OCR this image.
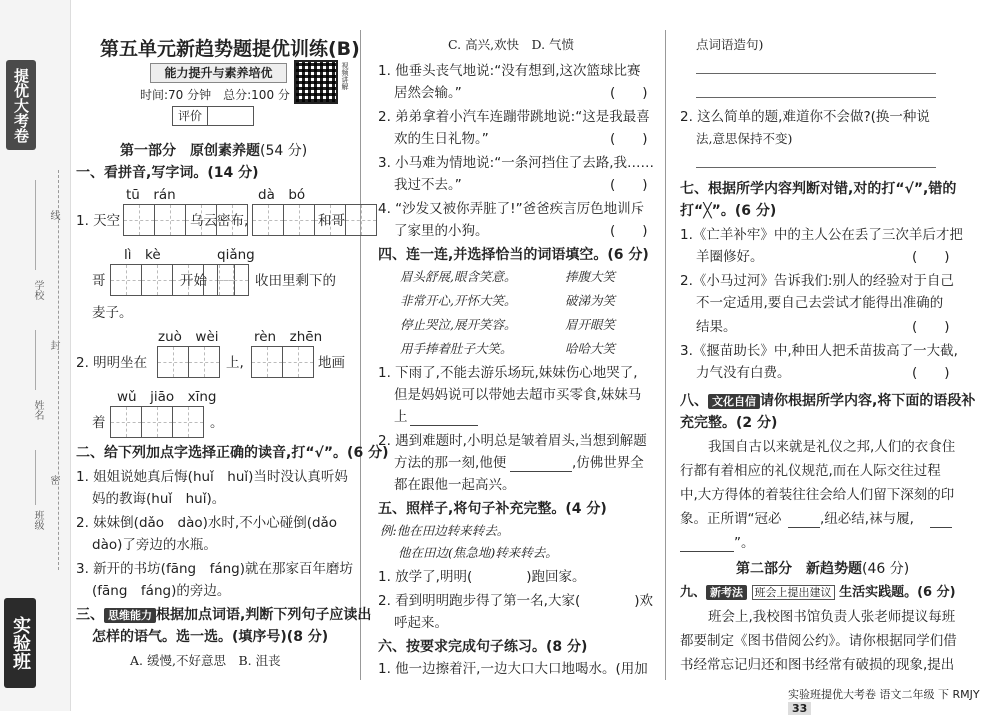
提优大考卷
线
学校
封
姓名
密
班级
实验班
第五单元新趋势题提优训练(B)
能力提升与素养培优	视频讲解
时间:70 分钟　总分:100 分
评价
第一部分　原创素养题(54 分)
一、看拼音,写字词。(14 分)
tū　rán	dà　bó
1. 天空	乌云密布,	和哥
lì　kè	qiǎng
哥	开始	收田里剩下的
麦子。
zuò　wèi	rèn　zhēn
2. 明明坐在	上,	地画
wǔ　jiāo　xīng
着	。
二、给下列加点字选择正确的读音,打“√”。(6 分)
1. 姐姐说她真后悔(huǐ　huǐ)当时没认真听妈
妈的教诲(huǐ　huǐ)。
2. 妹妹倒(dǎo　dào)水时,不小心碰倒(dǎo
dào)了旁边的水瓶。
3. 新开的书坊(fāng　fáng)就在那家百年磨坊
(fāng　fáng)的旁边。
三、 思维能力 根据加点词语,判断下列句子应读出
怎样的语气。选一选。(填序号)(8 分)
A. 缓慢,不好意思　B. 沮丧
C. 高兴,欢快　D. 气愤
1. 他垂头丧气地说:“没有想到,这次篮球比赛
居然会输。”	(　　)
2. 弟弟拿着小汽车连蹦带跳地说:“这是我最喜
欢的生日礼物。”	(　　)
3. 小马难为情地说:“一条河挡住了去路,我……
我过不去。”	(　　)
4. “沙发又被你弄脏了!”爸爸疾言厉色地训斥
了家里的小狗。	(　　)
四、连一连,并选择恰当的词语填空。(6 分)
眉头舒展,眼含笑意。
非常开心,开怀大笑。
停止哭泣,展开笑容。
用手捧着肚子大笑。
捧腹大笑
破涕为笑
眉开眼笑
哈哈大笑
1. 下雨了,不能去游乐场玩,妹妹伤心地哭了,
但是妈妈说可以带她去超市买零食,妹妹马
上
2. 遇到难题时,小明总是皱着眉头,当想到解题
方法的那一刻,他便	,仿佛世界全
都在跟他一起高兴。
五、照样子,将句子补充完整。(4 分)
例:他在田边转来转去。
他在田边(焦急地)转来转去。
1. 放学了,明明(　　　　)跑回家。
2. 看到明明跑步得了第一名,大家(　　　　)欢
呼起来。
六、按要求完成句子练习。(8 分)
1. 他一边擦着汗,一边大口大口地喝水。(用加
点词语造句)
2. 这么简单的题,难道你不会做?(换一种说
法,意思保持不变)
七、根据所学内容判断对错,对的打“√”,错的
打“╳”。(6 分)
1.《亡羊补牢》中的主人公在丢了三次羊后才把
羊圈修好。	(　　)
2.《小马过河》告诉我们:别人的经验对于自己
不一定适用,要自己去尝试才能得出准确的
结果。	(　　)
3.《揠苗助长》中,种田人把禾苗拔高了一大截,
力气没有白费。	(　　)
八、 文化自信 请你根据所学内容,将下面的语段补
充完整。(2 分)
我国自古以来就是礼仪之邦,人们的衣食住
行都有着相应的礼仪规范,而在人际交往过程
中,大方得体的着装往往会给人们留下深刻的印
象。正所谓“冠必	,纽必结,袜与履,
”。
第二部分　新趋势题(46 分)
九、 新考法 班会上提出建议 生活实践题。(6 分)
班会上,我校图书馆负责人张老师提议每班
都要制定《图书借阅公约》。请你根据同学们借
书经常忘记归还和图书经常有破损的现象,提出
实验班提优大考卷 语文二年级 下 RMJY 33
